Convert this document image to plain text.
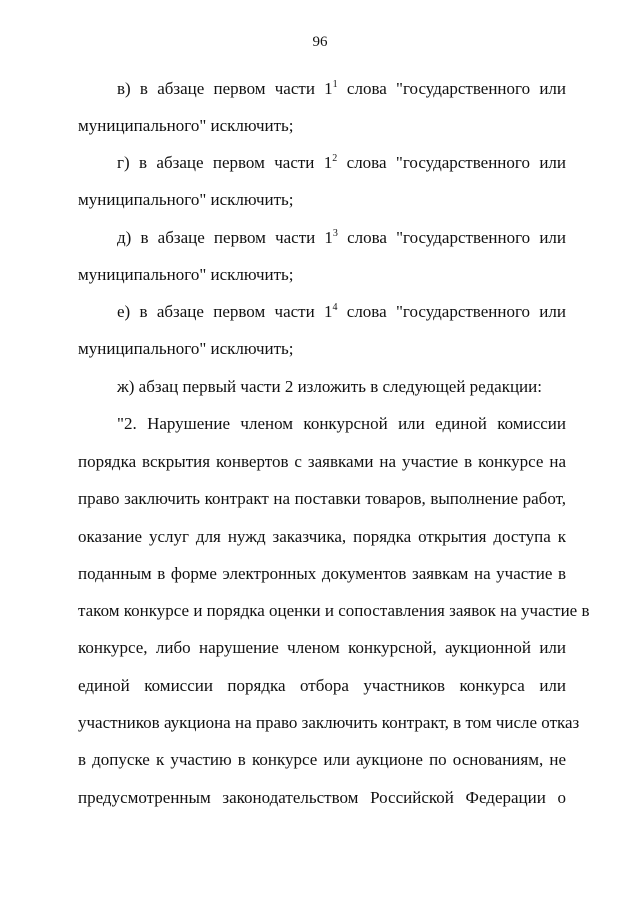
96
в) в абзаце первом части $1^1$ слова "государственного или
муниципального" исключить;
г) в абзаце первом части $1^2$ слова "государственного или
муниципального" исключить;
д) в абзаце первом части $1^3$ слова "государственного или
муниципального" исключить;
е) в абзаце первом части $1^4$ слова "государственного или
муниципального" исключить;
ж) абзац первый части 2 изложить в следующей редакции:
"2. Нарушение членом конкурсной или единой комиссии
порядка вскрытия конвертов с заявками на участие в конкурсе на
право заключить контракт на поставки товаров, выполнение работ,
оказание услуг для нужд заказчика, порядка открытия доступа к
поданным в форме электронных документов заявкам на участие в
таком конкурсе и порядка оценки и сопоставления заявок на участие в
конкурсе, либо нарушение членом конкурсной, аукционной или
единой комиссии порядка отбора участников конкурса или
участников аукциона на право заключить контракт, в том числе отказ
в допуске к участию в конкурсе или аукционе по основаниям, не
предусмотренным законодательством Российской Федерации о
